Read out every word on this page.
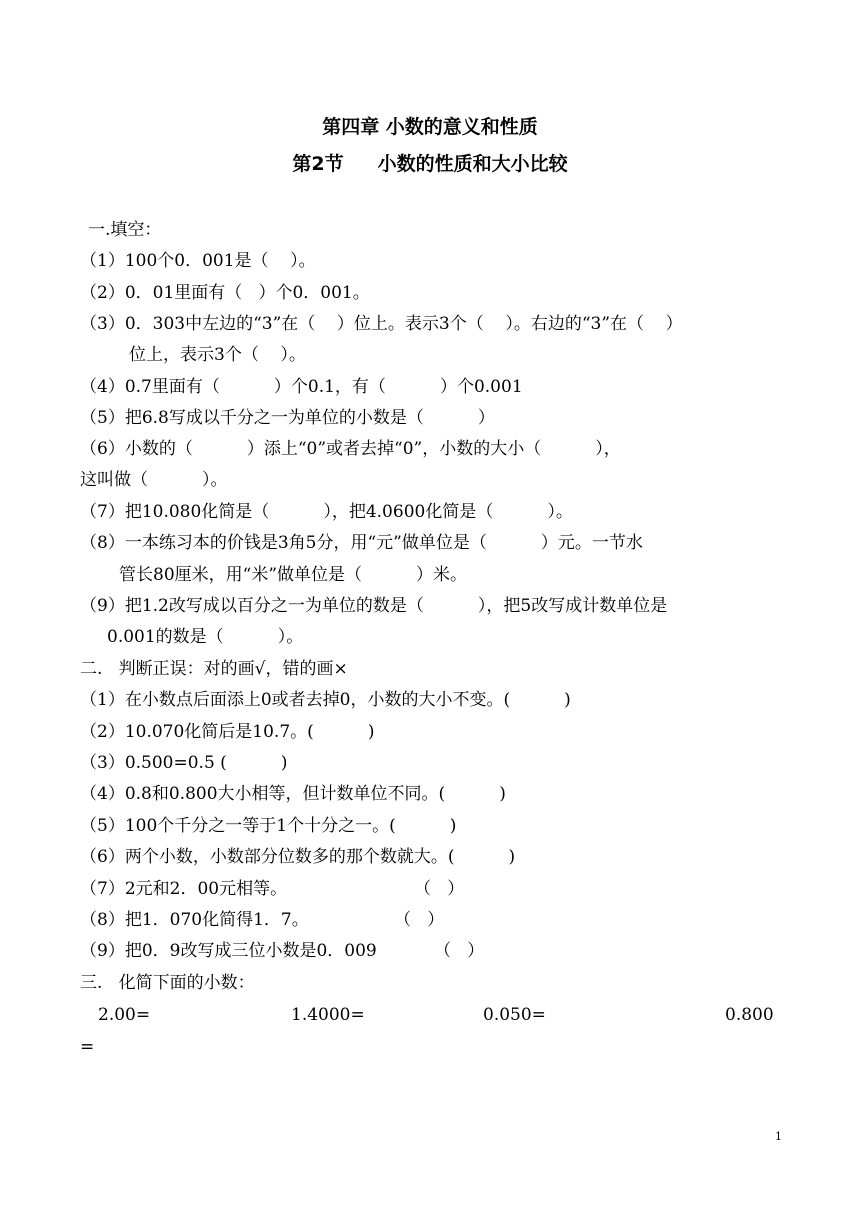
第四章 小数的意义和性质
第2节 小数的性质和大小比较
一.填空：
（1）100个0．001是（    ）。
（2）0．01里面有（   ）个0．001。
（3）0．303中左边的“3”在（    ）位上。表示3个（    ）。右边的“3”在（    ）
位上，表示3个（    ）。
（4）0.7里面有（          ）个0.1，有（          ）个0.001
（5）把6.8写成以千分之一为单位的小数是（          ）
（6）小数的（          ）添上“0”或者去掉“0”，小数的大小（          ），
这叫做（          ）。
（7）把10.080化简是（          ），把4.0600化简是（          ）。
（8）一本练习本的价钱是3角5分，用“元”做单位是（          ）元。一节水
管长80厘米，用“米”做单位是（          ）米。
（9）把1.2改写成以百分之一为单位的数是（          ），把5改写成计数单位是
0.001的数是（          ）。
二.   判断正误：对的画√，错的画×
（1）在小数点后面添上0或者去掉0，小数的大小不变。(          )
（2）10.070化简后是10.7。(          )
（3）0.500=0.5 (          )
（4）0.8和0.800大小相等，但计数单位不同。(          )
（5）100个千分之一等于1个十分之一。(          )
（6）两个小数，小数部分位数多的那个数就大。(          )
（7）2元和2．00元相等。	（   ）
（8）把1．070化简得1．7。	（   ）
（9）把0．9改写成三位小数是0．009	（   ）
三.   化简下面的小数：
2.00=	1.4000=	0.050=	0.800
=
1
